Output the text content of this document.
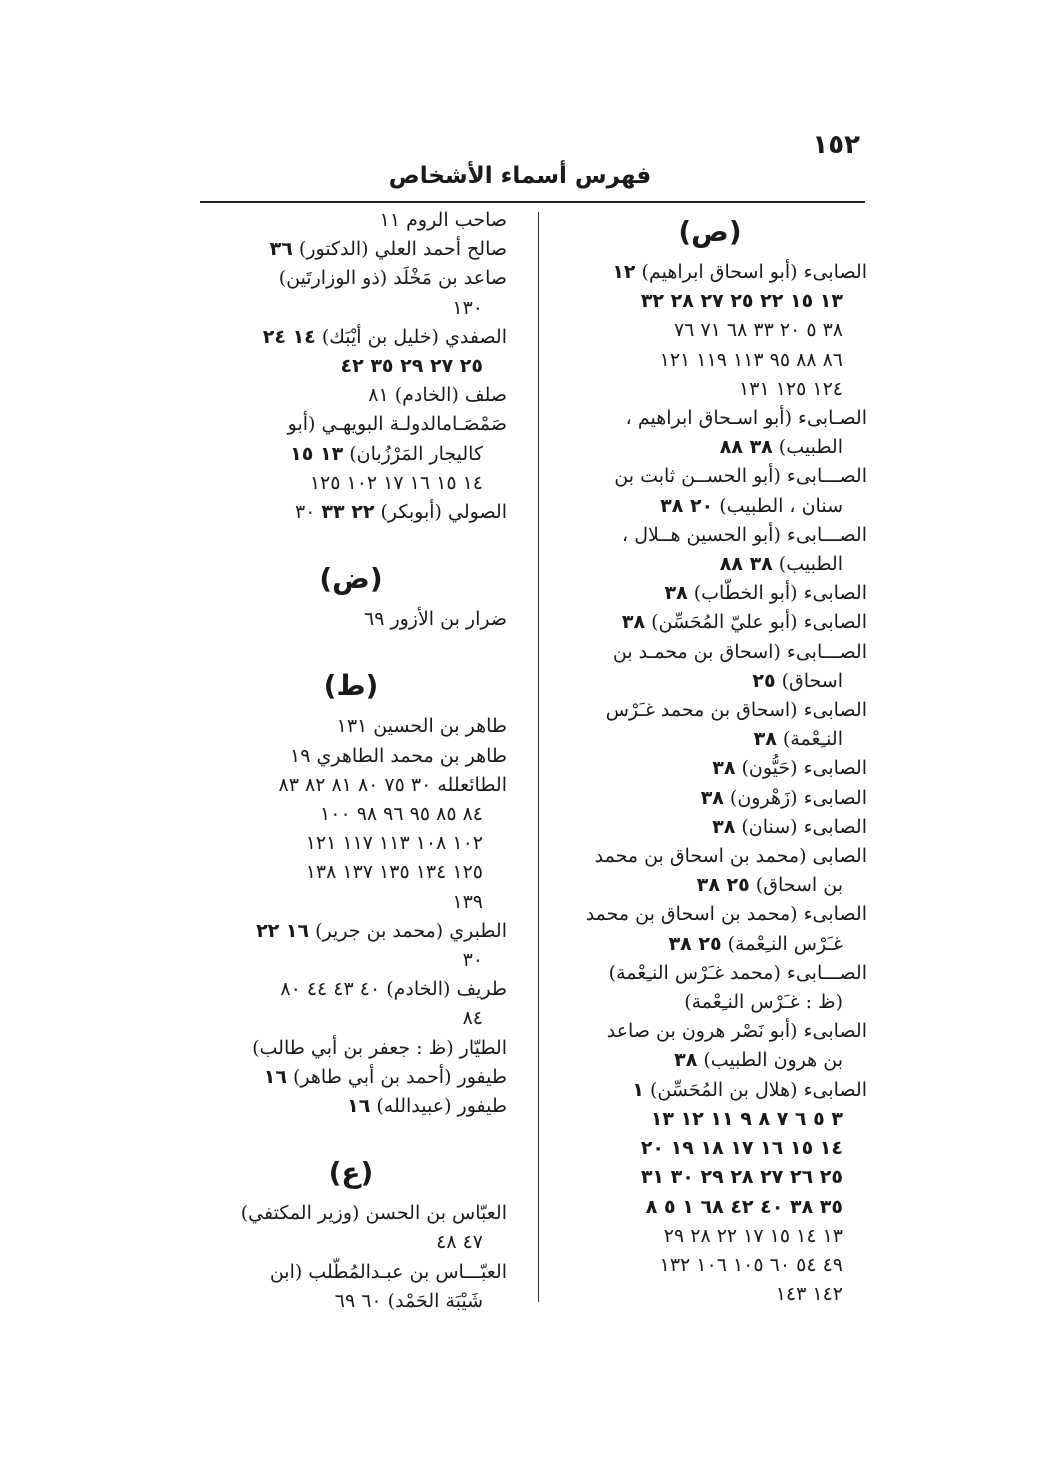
١٥٢
فهرس أسماء الأشخاص
(ص)
الصابىء (أبو اسحاق ابراهيم) ١٢
١٣ ١٥ ٢٢ ٢٥ ٢٧ ٢٨ ٣٢
٣٨ ٥ ٢٠ ٣٣ ٦٨ ٧١ ٧٦
٨٦ ٨٨ ٩٥ ١١٣ ١١٩ ١٢١
١٢٤ ١٢٥ ١٣١
الصـابىء (أبو اسـحاق ابراهيم ،
الطبيب) ٣٨ ٨٨
الصـــابىء (أبو الحســن ثابت بن
سنان ، الطبيب) ٢٠ ٣٨
الصـــابىء (أبو الحسين هــلال ،
الطبيب) ٣٨ ٨٨
الصابىء (أبو الخطّاب) ٣٨
الصابىء (أبو عليّ المُحَسِّن) ٣٨
الصـــابىء (اسحاق بن محمـد بن
اسحاق) ٢٥
الصابىء (اسحاق بن محمد غـَرْس
النـِعْمة) ٣٨
الصابىء (حَيُّون) ٣٨
الصابىء (زَهْرون) ٣٨
الصابىء (سنان) ٣٨
الصابى (محمد بن اسحاق بن محمد
بن اسحاق) ٢٥ ٣٨
الصابىء (محمد بن اسحاق بن محمد
غـَرْس النـِعْمة) ٢٥ ٣٨
الصـــابىء (محمد غـَرْس النـِعْمة)
(ظ : غـَرْس النـِعْمة)
الصابىء (أبو نَصْر هرون بن صاعد
بن هرون الطبيب) ٣٨
الصابىء (هلال بن المُحَسِّن) ١
٣ ٥ ٦ ٧ ٨ ٩ ١١ ١٢ ١٣
١٤ ١٥ ١٦ ١٧ ١٨ ١٩ ٢٠
٢٥ ٢٦ ٢٧ ٢٨ ٢٩ ٣٠ ٣١
٣٥ ٣٨ ٤٠ ٤٢ ٦٨ ١ ٥ ٨
١٣ ١٤ ١٥ ١٧ ٢٢ ٢٨ ٢٩
٤٩ ٥٤ ٦٠ ١٠٥ ١٠٦ ١٣٢
١٤٢ ١٤٣
صاحب الروم ١١
صالح أحمد العلي (الدكتور) ٣٦
صاعد بن مَخْلَد (ذو الوزارتَين)
١٣٠
الصفدي (خليل بن أيْبَك) ١٤ ٢٤
٢٥ ٢٧ ٢٩ ٣٥ ٤٢
صلف (الخادم) ٨١
صَمْصَـامالدولـة البويهـي (أبو
كاليجار المَرْزُبان) ١٣ ١٥
١٤ ١٥ ١٦ ١٧ ١٠٢ ١٢٥
الصولي (أبوبكر) ٢٢ ٣٣ ٣٠
(ض)
ضرار بن الأزور ٦٩
(ط)
طاهر بن الحسين ١٣١
طاهر بن محمد الطاهري ١٩
الطائعلله ٣٠ ٧٥ ٨٠ ٨١ ٨٢ ٨٣
٨٤ ٨٥ ٩٥ ٩٦ ٩٨ ١٠٠
١٠٢ ١٠٨ ١١٣ ١١٧ ١٢١
١٢٥ ١٣٤ ١٣٥ ١٣٧ ١٣٨
١٣٩
الطبري (محمد بن جرير) ١٦ ٢٢
٣٠
طريف (الخادم) ٤٠ ٤٣ ٤٤ ٨٠
٨٤
الطيّار (ظ : جعفر بن أبي طالب)
طيفور (أحمد بن أبي طاهر) ١٦
طيفور (عبيدالله) ١٦
(ع)
العبّاس بن الحسن (وزير المكتفي)
٤٧ ٤٨
العبّـــاس بن عبـدالمُطّلب (ابن
شَيْبَة الحَمْد) ٦٠ ٦٩
